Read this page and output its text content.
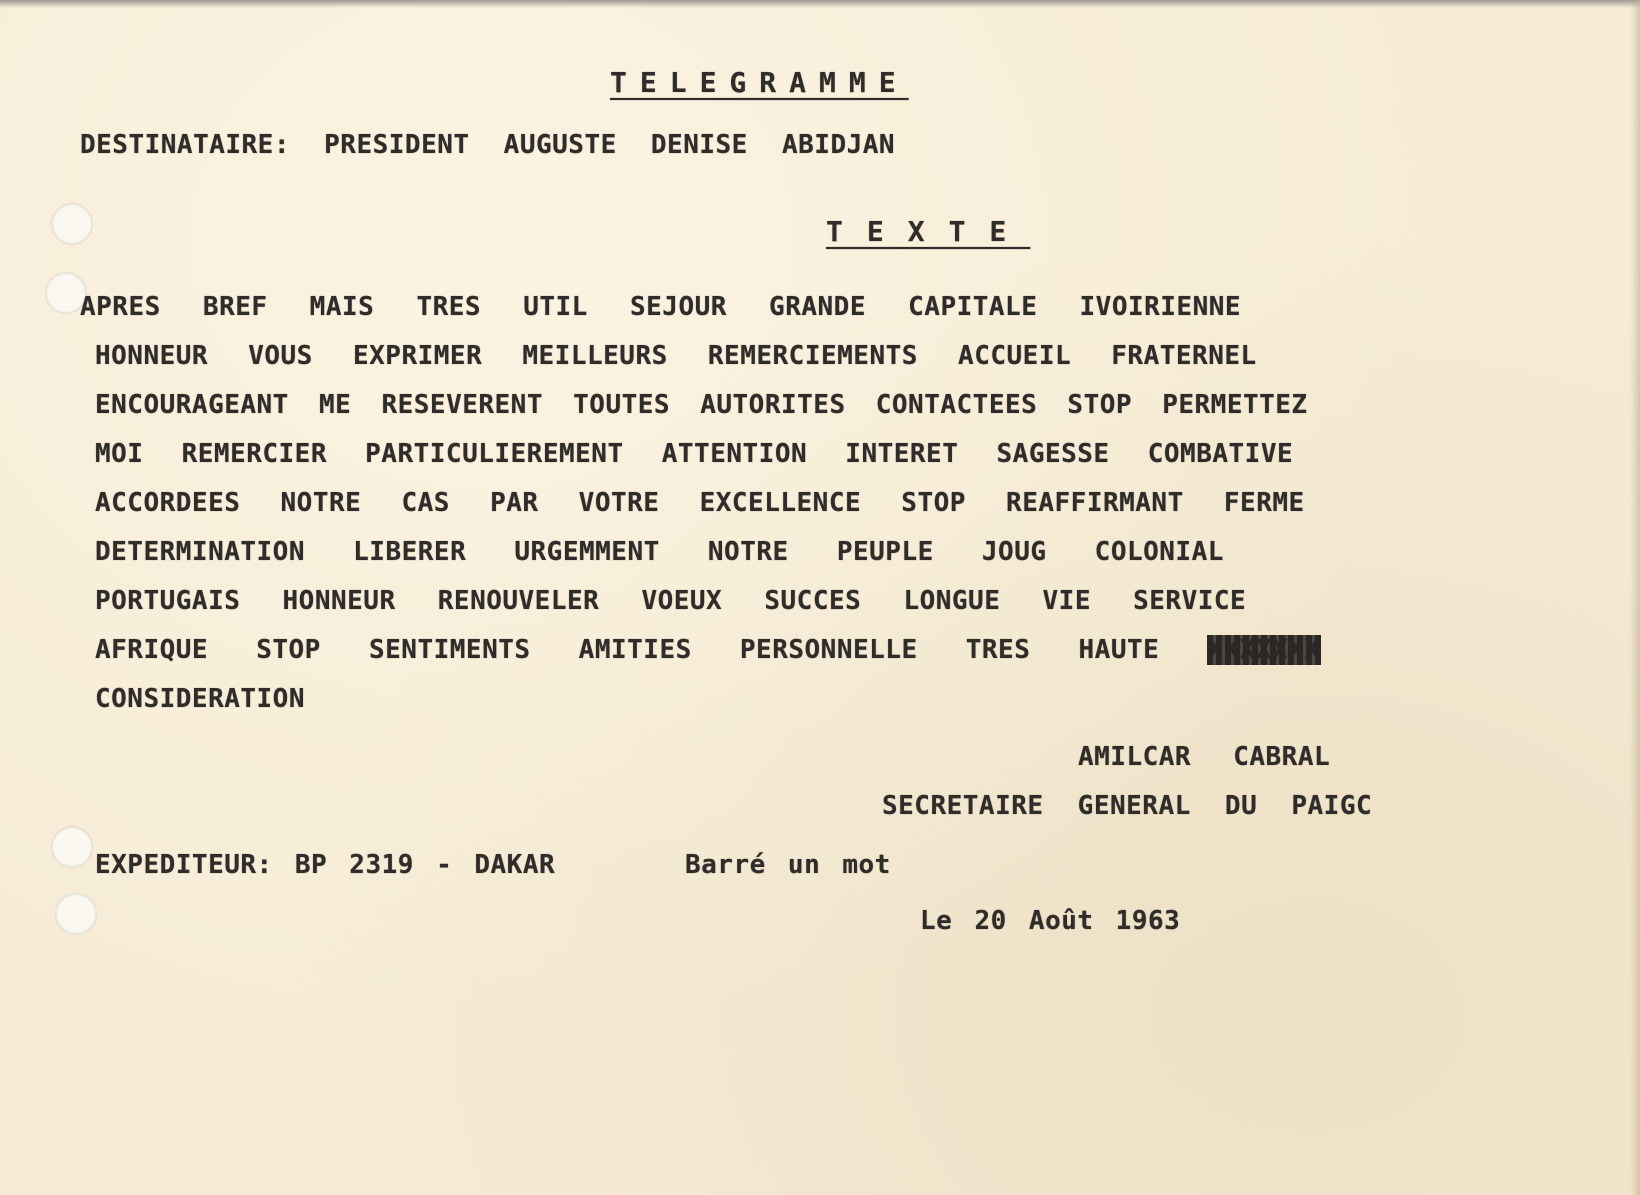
TELEGRAMME
DESTINATAIRE: PRESIDENT AUGUSTE DENISE ABIDJAN
TEXTE
APRES BREF MAIS TRES UTIL SEJOUR GRANDE CAPITALE IVOIRIENNE
HONNEUR VOUS EXPRIMER MEILLEURS REMERCIEMENTS ACCUEIL FRATERNEL
ENCOURAGEANT ME RESEVERENT TOUTES AUTORITES CONTACTEES STOP PERMETTEZ
MOI REMERCIER PARTICULIEREMENT ATTENTION INTERET SAGESSE COMBATIVE
ACCORDEES NOTRE CAS PAR VOTRE EXCELLENCE STOP REAFFIRMANT FERME
DETERMINATION LIBERER URGEMMENT NOTRE PEUPLE JOUG COLONIAL
PORTUGAIS HONNEUR RENOUVELER VOEUX SUCCES LONGUE VIE SERVICE
AFRIQUE STOP SENTIMENTS AMITIES PERSONNELLE TRES HAUTE XXXXXXX
CONSIDERATION
AMILCAR CABRAL
SECRETAIRE GENERAL DU PAIGC
EXPEDITEUR: BP 2319 - DAKAR	Barré un mot
Le 20 Août 1963
